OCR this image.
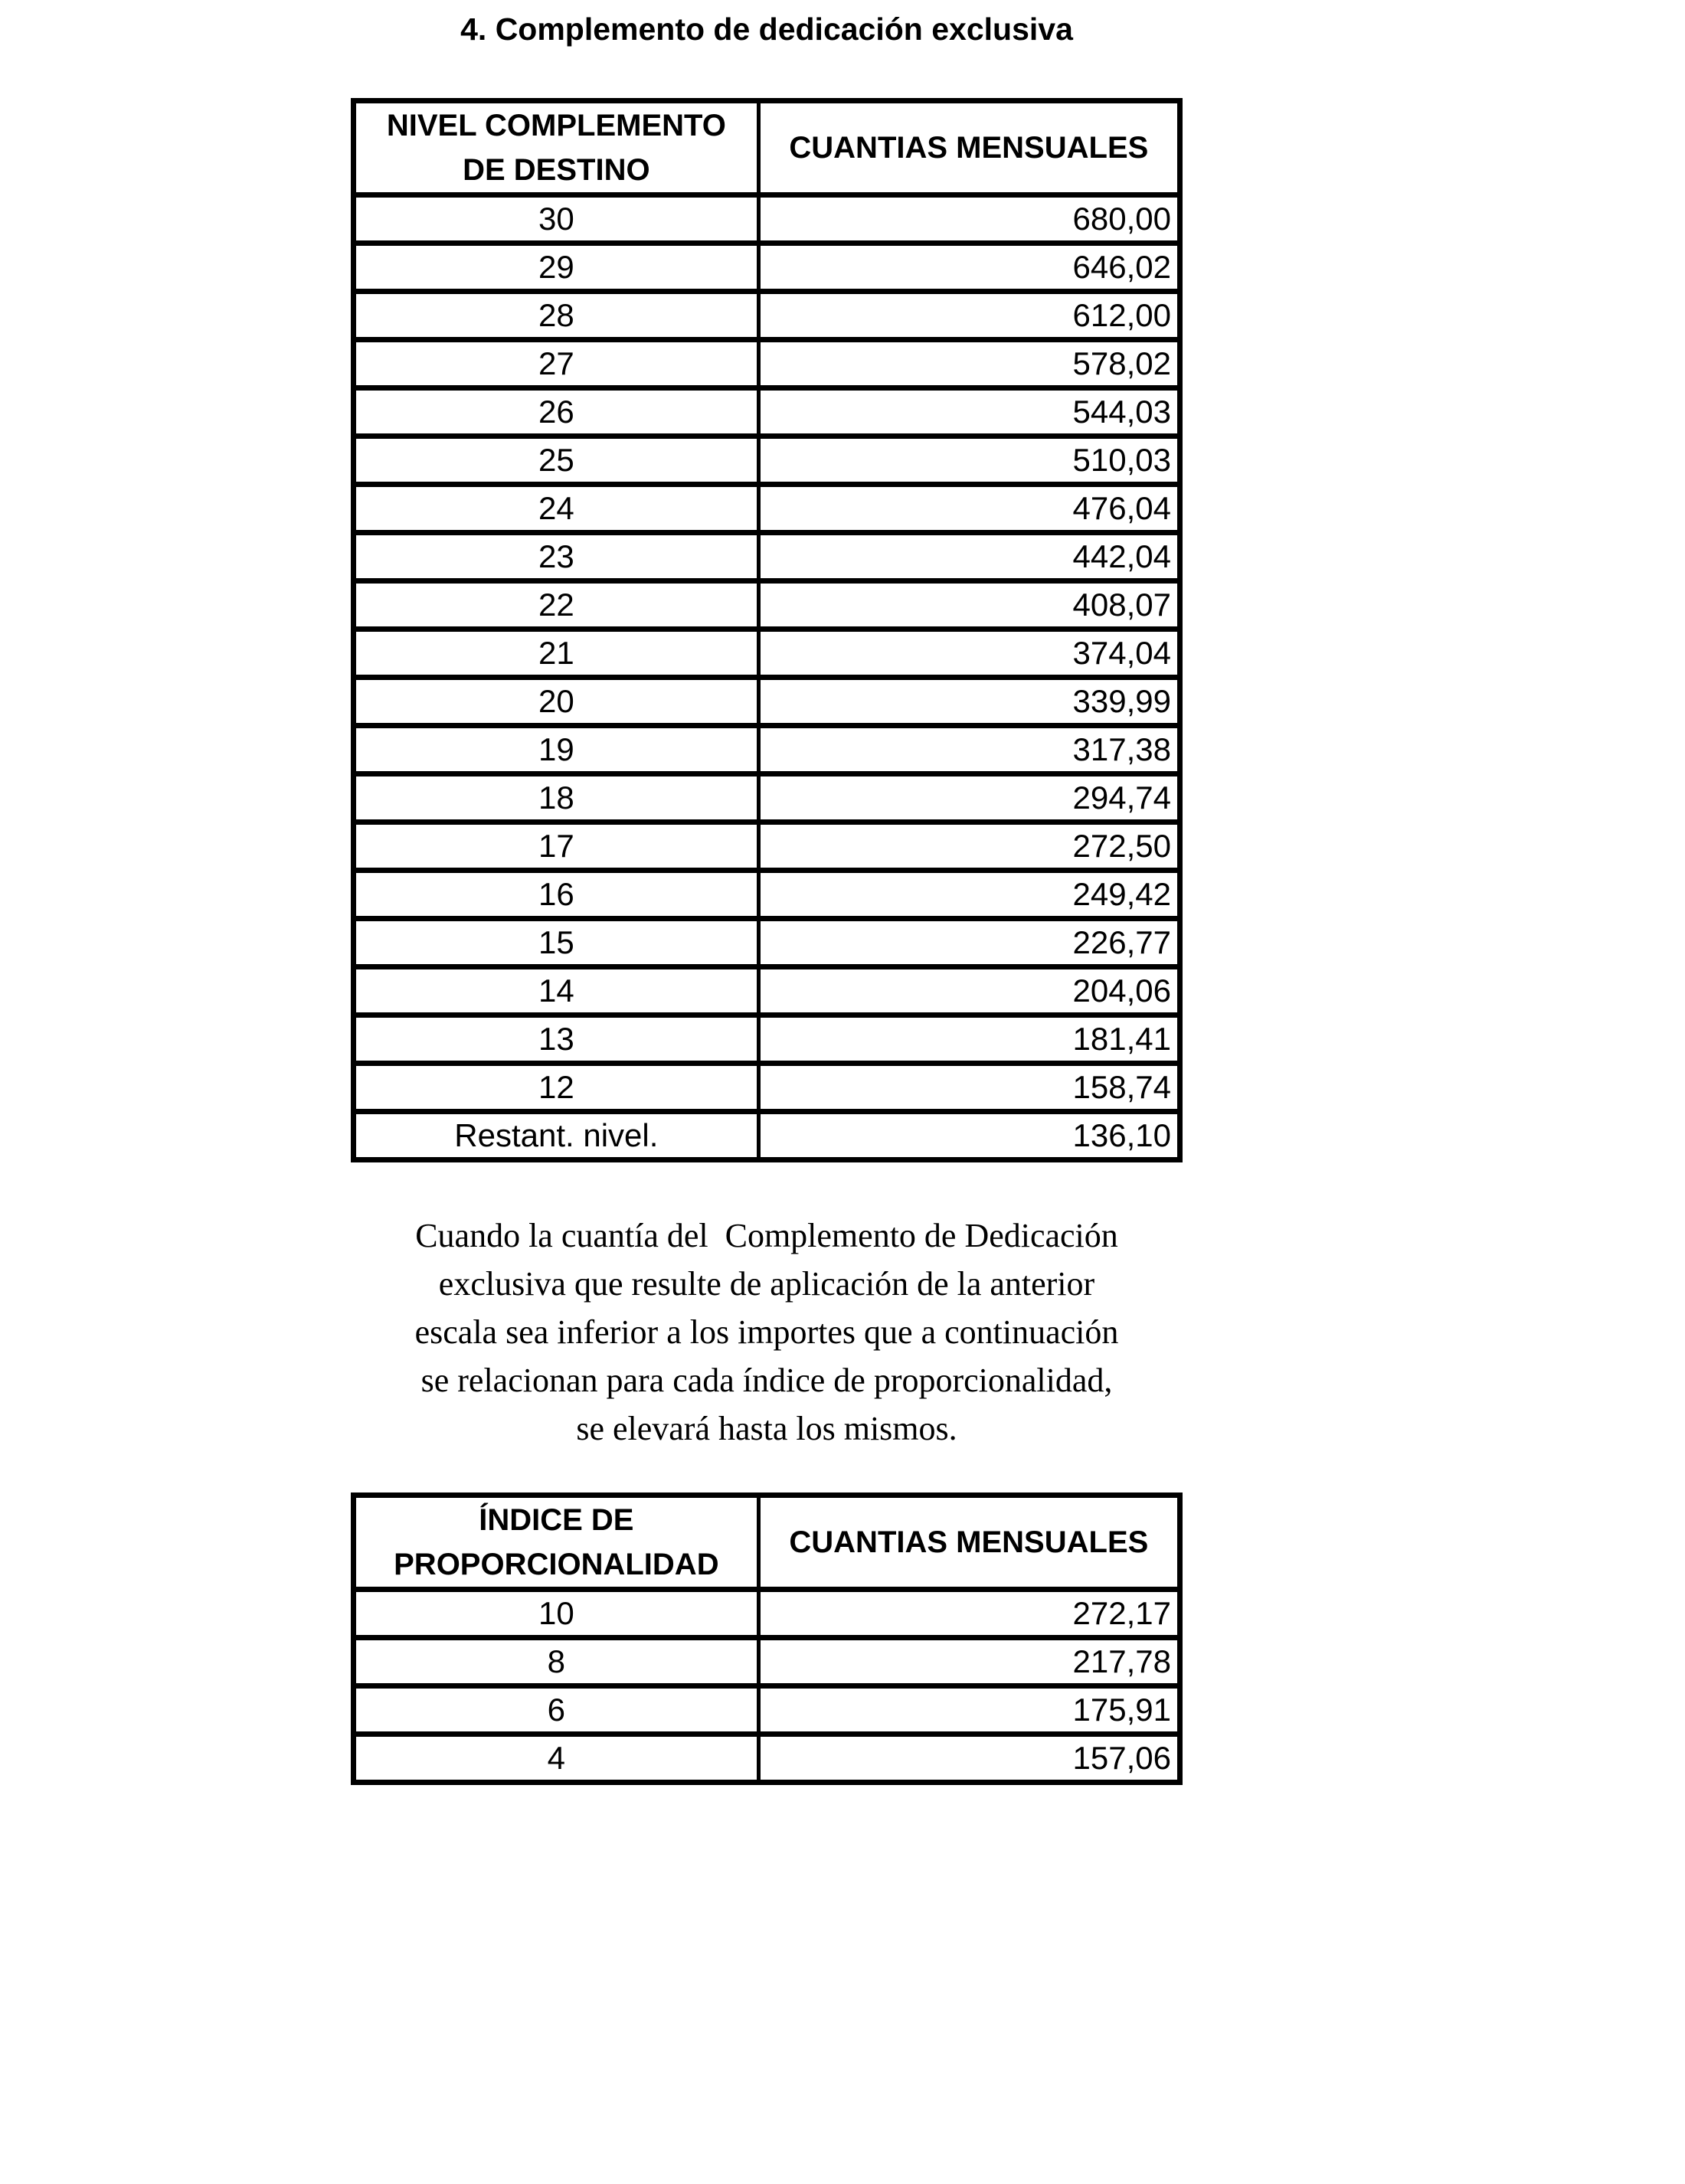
4. Complemento de dedicación exclusiva
NIVEL COMPLEMENTO DE DESTINO	CUANTIAS MENSUALES
30	680,00
29	646,02
28	612,00
27	578,02
26	544,03
25	510,03
24	476,04
23	442,04
22	408,07
21	374,04
20	339,99
19	317,38
18	294,74
17	272,50
16	249,42
15	226,77
14	204,06
13	181,41
12	158,74
Restant. nivel.	136,10
Cuando la cuantía del  Complemento de Dedicación
exclusiva que resulte de aplicación de la anterior
escala sea inferior a los importes que a continuación
se relacionan para cada índice de proporcionalidad,
se elevará hasta los mismos.
ÍNDICE DE PROPORCIONALIDAD	CUANTIAS MENSUALES
10	272,17
8	217,78
6	175,91
4	157,06
